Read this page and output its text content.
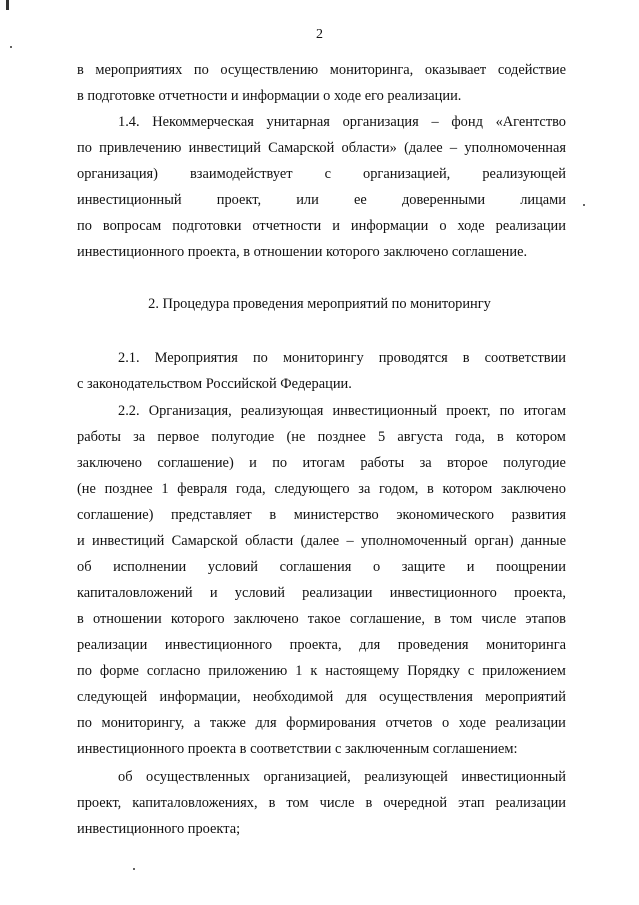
2
в мероприятиях по осуществлению мониторинга, оказывает содействие
в подготовке отчетности и информации о ходе его реализации.
1.4. Некоммерческая унитарная организация – фонд «Агентство
по привлечению инвестиций Самарской области» (далее – уполномоченная
организация) взаимодействует с организацией, реализующей
инвестиционный проект, или ее доверенными лицами
по вопросам подготовки отчетности и информации о ходе реализации
инвестиционного проекта, в отношении которого заключено соглашение.
2. Процедура проведения мероприятий по мониторингу
2.1. Мероприятия по мониторингу проводятся в соответствии
с законодательством Российской Федерации.
2.2. Организация, реализующая инвестиционный проект, по итогам
работы за первое полугодие (не позднее 5 августа года, в котором
заключено соглашение) и по итогам работы за второе полугодие
(не позднее 1 февраля года, следующего за годом, в котором заключено
соглашение) представляет в министерство экономического развития
и инвестиций Самарской области (далее – уполномоченный орган) данные
об исполнении условий соглашения о защите и поощрении
капиталовложений и условий реализации инвестиционного проекта,
в отношении которого заключено такое соглашение, в том числе этапов
реализации инвестиционного проекта, для проведения мониторинга
по форме согласно приложению 1 к настоящему Порядку с приложением
следующей информации, необходимой для осуществления мероприятий
по мониторингу, а также для формирования отчетов о ходе реализации
инвестиционного проекта в соответствии с заключенным соглашением:
об осуществленных организацией, реализующей инвестиционный
проект, капиталовложениях, в том числе в очередной этап реализации
инвестиционного проекта;
